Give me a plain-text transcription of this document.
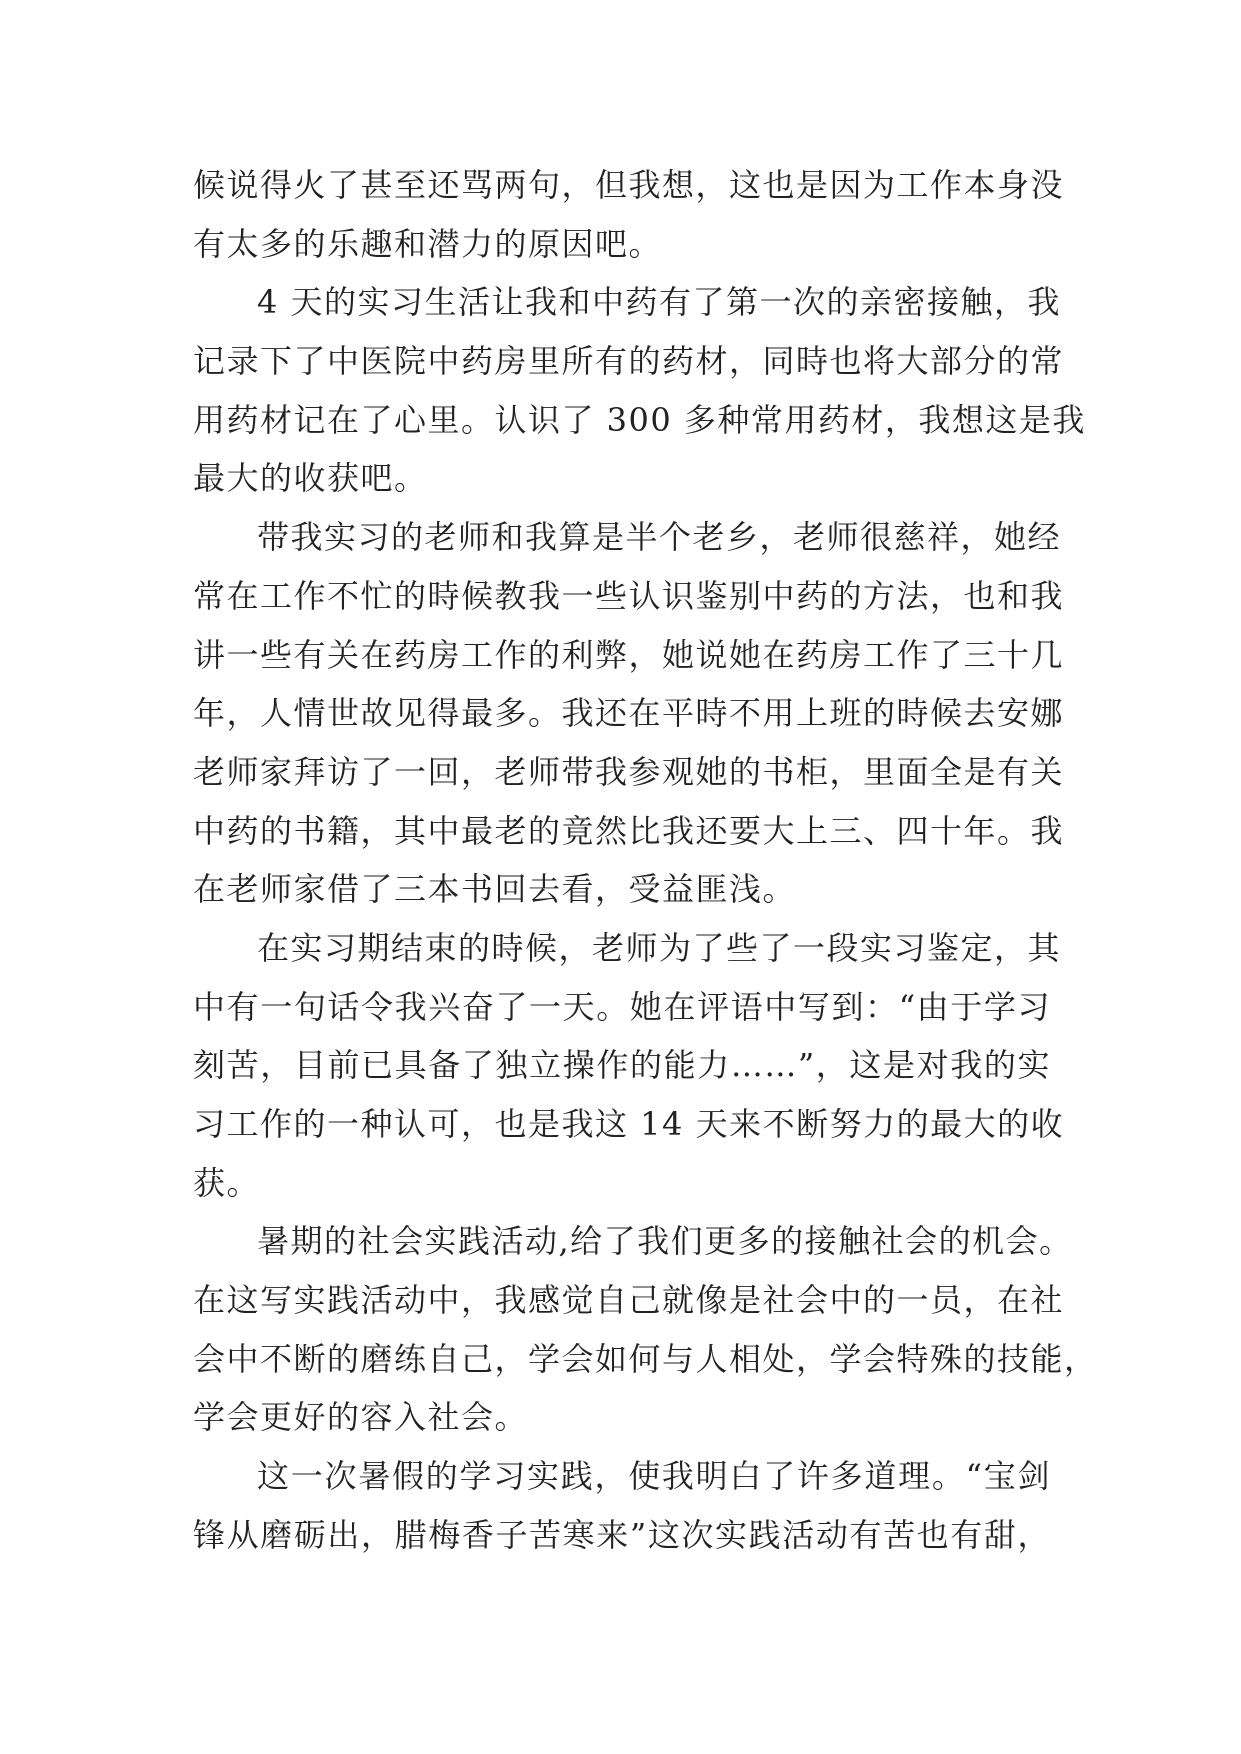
候说得火了甚至还骂两句，但我想，这也是因为工作本身没
有太多的乐趣和潜力的原因吧。
4 天的实习生活让我和中药有了第一次的亲密接触，我
记录下了中医院中药房里所有的药材，同時也将大部分的常
用药材记在了心里。认识了 300 多种常用药材，我想这是我
最大的收获吧。
带我实习的老师和我算是半个老乡，老师很慈祥，她经
常在工作不忙的時候教我一些认识鉴别中药的方法，也和我
讲一些有关在药房工作的利弊，她说她在药房工作了三十几
年，人情世故见得最多。我还在平時不用上班的時候去安娜
老师家拜访了一回，老师带我参观她的书柜，里面全是有关
中药的书籍，其中最老的竟然比我还要大上三、四十年。我
在老师家借了三本书回去看，受益匪浅。
在实习期结束的時候，老师为了些了一段实习鉴定，其
中有一句话令我兴奋了一天。她在评语中写到：“由于学习
刻苦，目前已具备了独立操作的能力……”，这是对我的实
习工作的一种认可，也是我这 14 天来不断努力的最大的收
获。
暑期的社会实践活动,给了我们更多的接触社会的机会。
在这写实践活动中，我感觉自己就像是社会中的一员，在社
会中不断的磨练自己，学会如何与人相处，学会特殊的技能，
学会更好的容入社会。
这一次暑假的学习实践，使我明白了许多道理。“宝剑
锋从磨砺出，腊梅香子苦寒来”这次实践活动有苦也有甜，
